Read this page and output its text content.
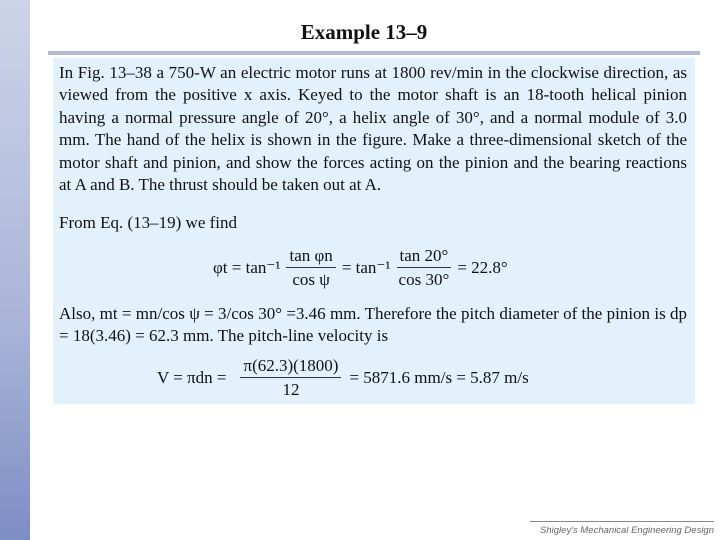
Example 13–9
In Fig. 13–38 a 750-W an electric motor runs at 1800 rev/min in the clockwise direction, as viewed from the positive x axis. Keyed to the motor shaft is an 18-tooth helical pinion having a normal pressure angle of 20°, a helix angle of 30°, and a normal module of 3.0 mm. The hand of the helix is shown in the figure. Make a three-dimensional sketch of the motor shaft and pinion, and show the forces acting on the pinion and the bearing reactions at A and B. The thrust should be taken out at A.
From Eq. (13–19) we find
$\varphi t = \tan^{-1} \frac{\text{tan φn}}{\text{cos ψ}} = \tan^{-1} \frac{\tan 20^\circ}{\cos 30^\circ} = 22.8^\circ$
Also, mt = mn/cos ψ = 3/cos 30° =3.46 mm. Therefore the pitch diameter of the pinion is dp = 18(3.46) = 62.3 mm. The pitch-line velocity is
$V = \pi dn = \frac{\pi(62.3)(1800)}{12} = 5871.6$ mm/s = 5.87 m/s
Shigley's Mechanical Engineering Design
